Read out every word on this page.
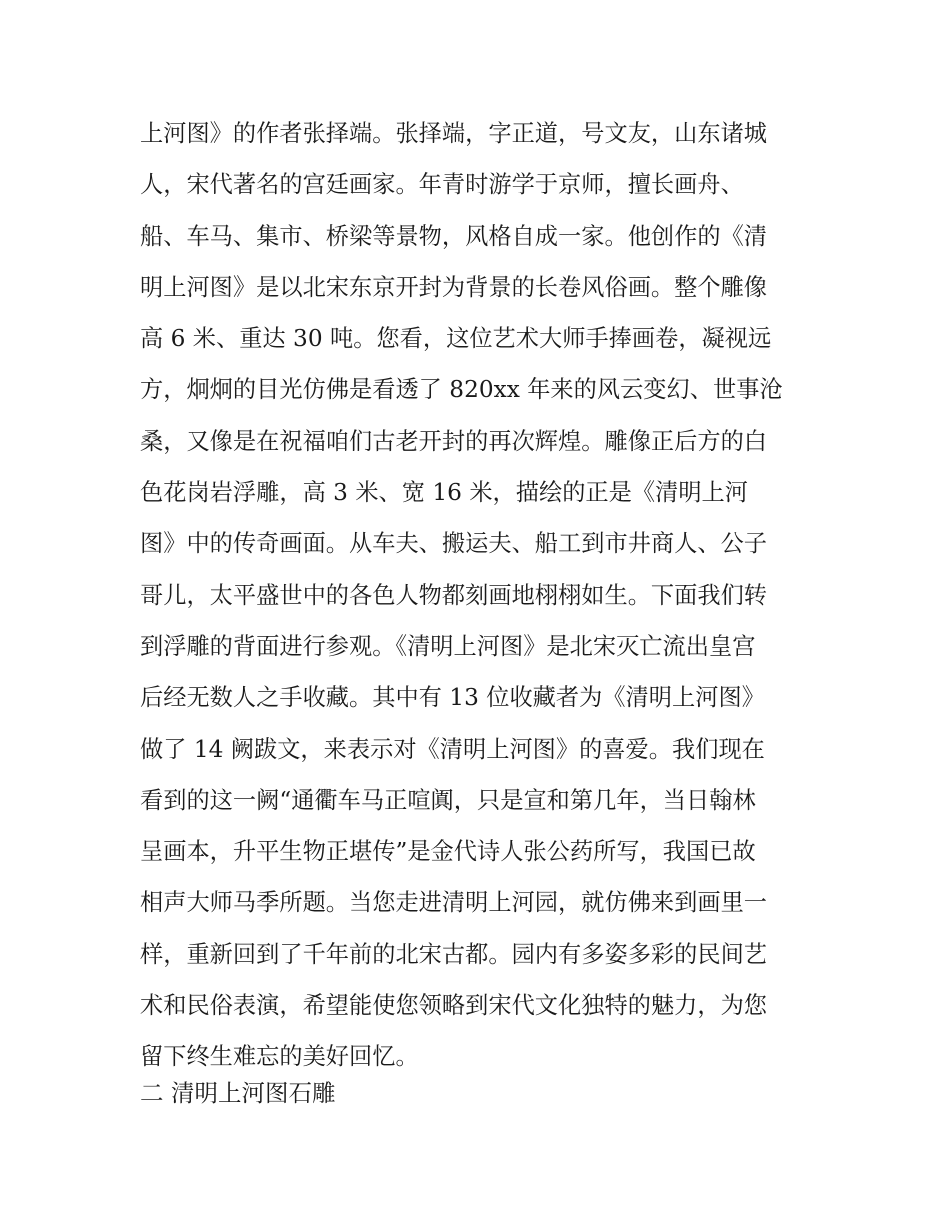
上河图》的作者张择端。张择端，字正道，号文友，山东诸城
人，宋代著名的宫廷画家。年青时游学于京师，擅长画舟、
船、车马、集市、桥梁等景物，风格自成一家。他创作的《清
明上河图》是以北宋东京开封为背景的长卷风俗画。整个雕像
高 6 米、重达 30 吨。您看，这位艺术大师手捧画卷，凝视远
方，炯炯的目光仿佛是看透了 820xx 年来的风云变幻、世事沧
桑，又像是在祝福咱们古老开封的再次辉煌。雕像正后方的白
色花岗岩浮雕，高 3 米、宽 16 米，描绘的正是《清明上河
图》中的传奇画面。从车夫、搬运夫、船工到市井商人、公子
哥儿，太平盛世中的各色人物都刻画地栩栩如生。下面我们转
到浮雕的背面进行参观。《清明上河图》是北宋灭亡流出皇宫
后经无数人之手收藏。其中有 13 位收藏者为《清明上河图》
做了 14 阙跋文，来表示对《清明上河图》的喜爱。我们现在
看到的这一阙“通衢车马正喧阗，只是宣和第几年，当日翰林
呈画本，升平生物正堪传”是金代诗人张公药所写，我国已故
相声大师马季所题。当您走进清明上河园，就仿佛来到画里一
样，重新回到了千年前的北宋古都。园内有多姿多彩的民间艺
术和民俗表演，希望能使您领略到宋代文化独特的魅力，为您
留下终生难忘的美好回忆。
二 清明上河图石雕
